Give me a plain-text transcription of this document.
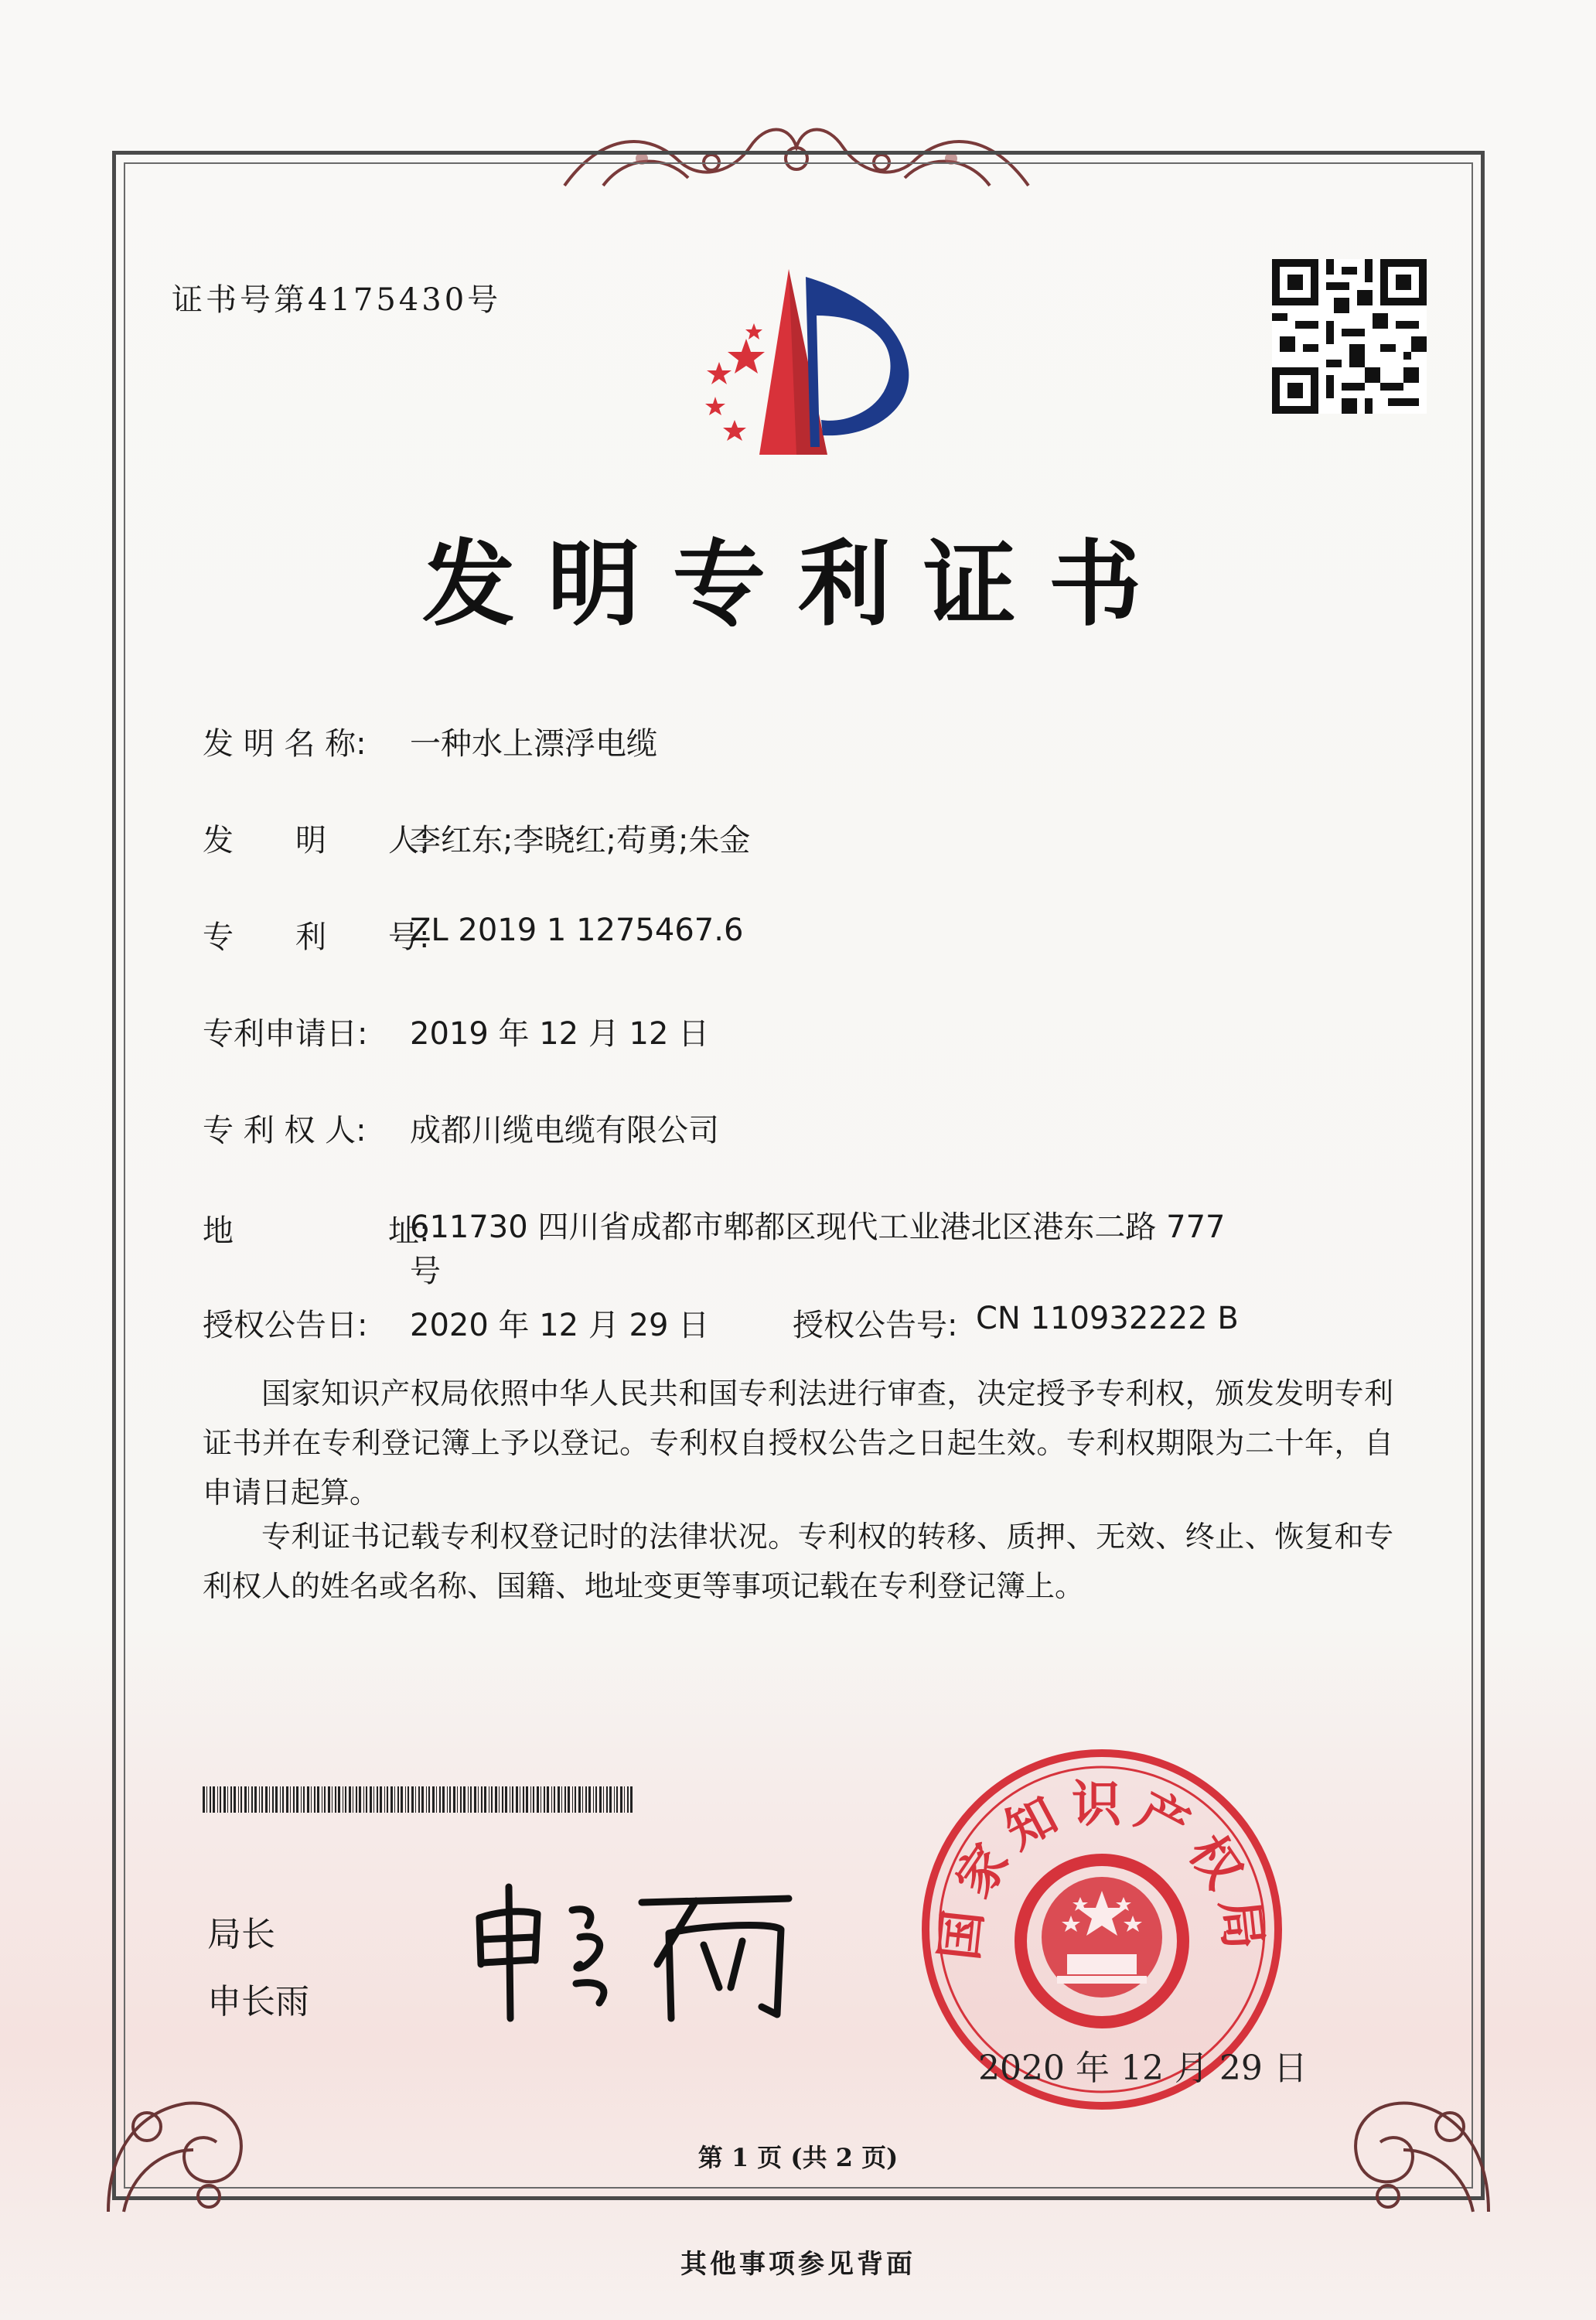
证书号第4175430号
发明专利证书
发 明 名 称: 一种水上漂浮电缆
发　　明　　人:
李红东;李晓红;苟勇;朱金
专　　利　　号:
ZL 2019 1 1275467.6
专利申请日: 2019 年 12 月 12 日
专 利 权 人: 成都川缆电缆有限公司
地　　　　　址:
611730 四川省成都市郫都区现代工业港北区港东二路 777
号
授权公告日: 2020 年 12 月 29 日	授权公告号: CN 110932222 B
国家知识产权局依照中华人民共和国专利法进行审查，决定授予专利权，颁发发明专利证书并在专利登记簿上予以登记。专利权自授权公告之日起生效。专利权期限为二十年，自申请日起算。
专利证书记载专利权登记时的法律状况。专利权的转移、质押、无效、终止、恢复和专利权人的姓名或名称、国籍、地址变更等事项记载在专利登记簿上。
局长
申长雨
国家知识产权局
2020 年 12 月 29 日
第 1 页 (共 2 页)
其他事项参见背面
